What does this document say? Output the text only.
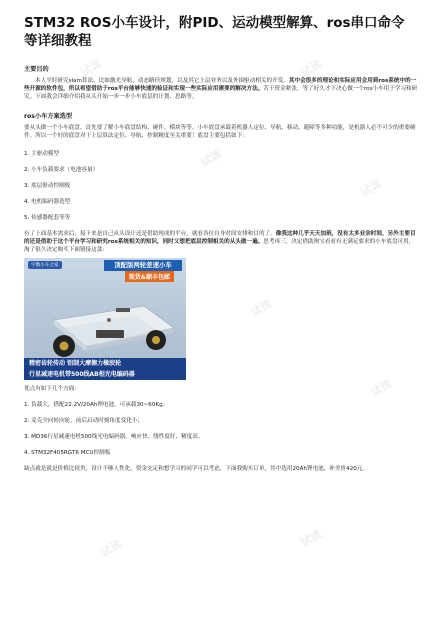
试读	试读
试读
试读
试读
试读
试读	试读
STM32 ROS小车设计，附PID、运动模型解算、ros串口命令等详细教程
主要目的

本人平时研究slam算法，比如激光导航，动态路径规划，以及其它上层业务以及外围驱动相关的开发。其中会很多的理论和实际应用会用到ros系统中的一些开源的软件包，所以希望借助于ros平台能够快速的验证和实现一些实际应用需要的解决方法。苦于资金紧张，等了好久才下决心做一个ros小车用于学习和研究。下面我会详细介绍我从头开始一步一步小车底层的计划、思路等。

ros小车方案选型

要从头做一个小车底盘，首先要了解小车底盘结构、硬件、模块等等。小车底盘承载着机器人定位、导航、移动、避障等多种功能，是机器人必不可少的重要硬件。所以一个好的底盘对于上层算法定位、导航、控制精度至关重要！底盘主要包括如下：

1. 主驱动模型

2. 小车负载要求（电池容量）

3. 底层驱动控制板

4. 电机编码器选型

5. 传感器配套等等

有了上面基本需求后，接下来是自己从头设计还是借助现成的平台，就看各位自身时间安排和目的了。像我这种几乎天天加班，没有太多业余时间，另外主要目的还是借助于这个平台学习和研究ros系统相关的知识，同时又想把底层控制相关的从头做一遍。思考再三，决定借助淘宝看看有无满足要求的小车底盘可用，淘了很久决定购买下面链接这款：

宇衡小车之家	顶配版两轮差速小车
现货&顺丰包邮
精密齿轮传动 铝制大摩擦力橡胶轮
行星减速电机带500线AB相光电编码器

优点有如下几个方面：

1. 负载大，搭配22.2V/20Ah锂电池，可承载30~60Kg；

2. 麦克全向转向轮，前后启动时刻角度变化小；

3. MD36行星减速电机500线光电编码器，响应快、线性度好、精度高。

4. STM32F405RGT6 MCU控制板

缺点就是就是价格比较贵，设计不够人性化，资金充足和想学习的同学可以考虑，下面我购买订单，其中选用20Ah锂电池，补差价420元。
